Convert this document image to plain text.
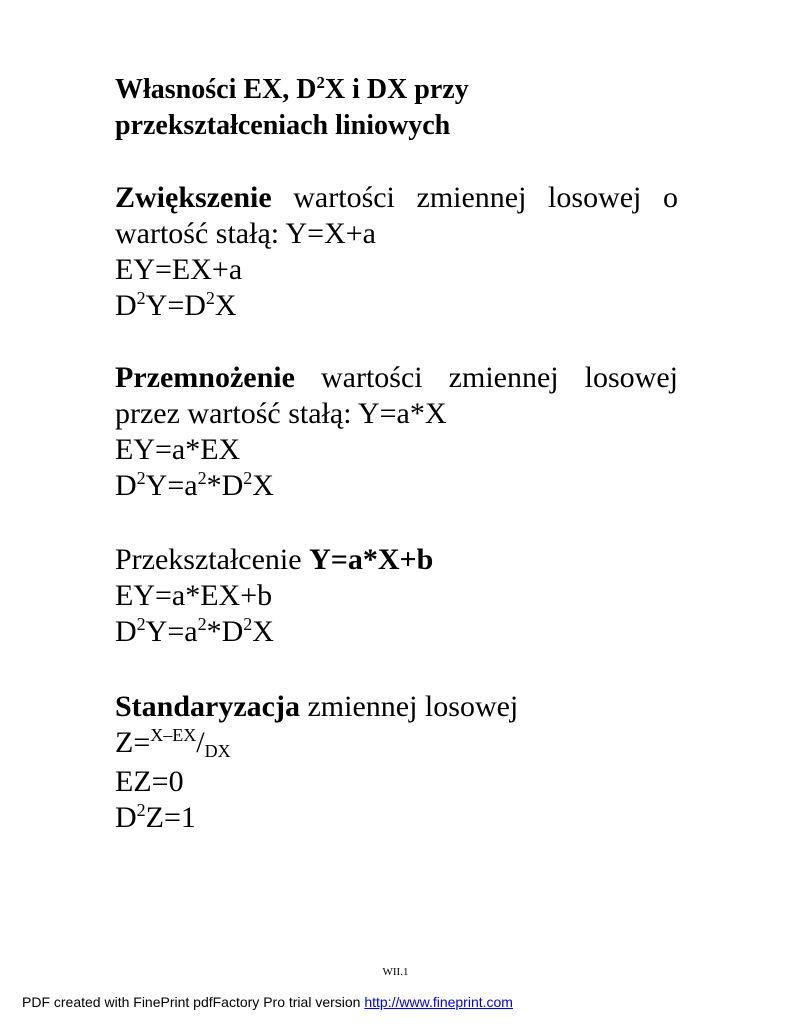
Własności EX, $D^2X$ i DX przy
przekształceniach liniowych
Zwiększenie wartości zmiennej losowej o
wartość stałą: Y=X+a
EY=EX+a
$D^2Y=D^2X$
Przemnożenie wartości zmiennej losowej
przez wartość stałą: Y=a*X
EY=a*EX
$D^2Y=a^2*D^2X$
Przekształcenie Y=a*X+b
EY=a*EX+b
$D^2Y=a^2*D^2X$
Standaryzacja zmiennej losowej
Z=$^{X-EX}$/DX
EZ=0
$D^2Z=1$
WII.1
PDF created with FinePrint pdfFactory Pro trial version http://www.fineprint.com
